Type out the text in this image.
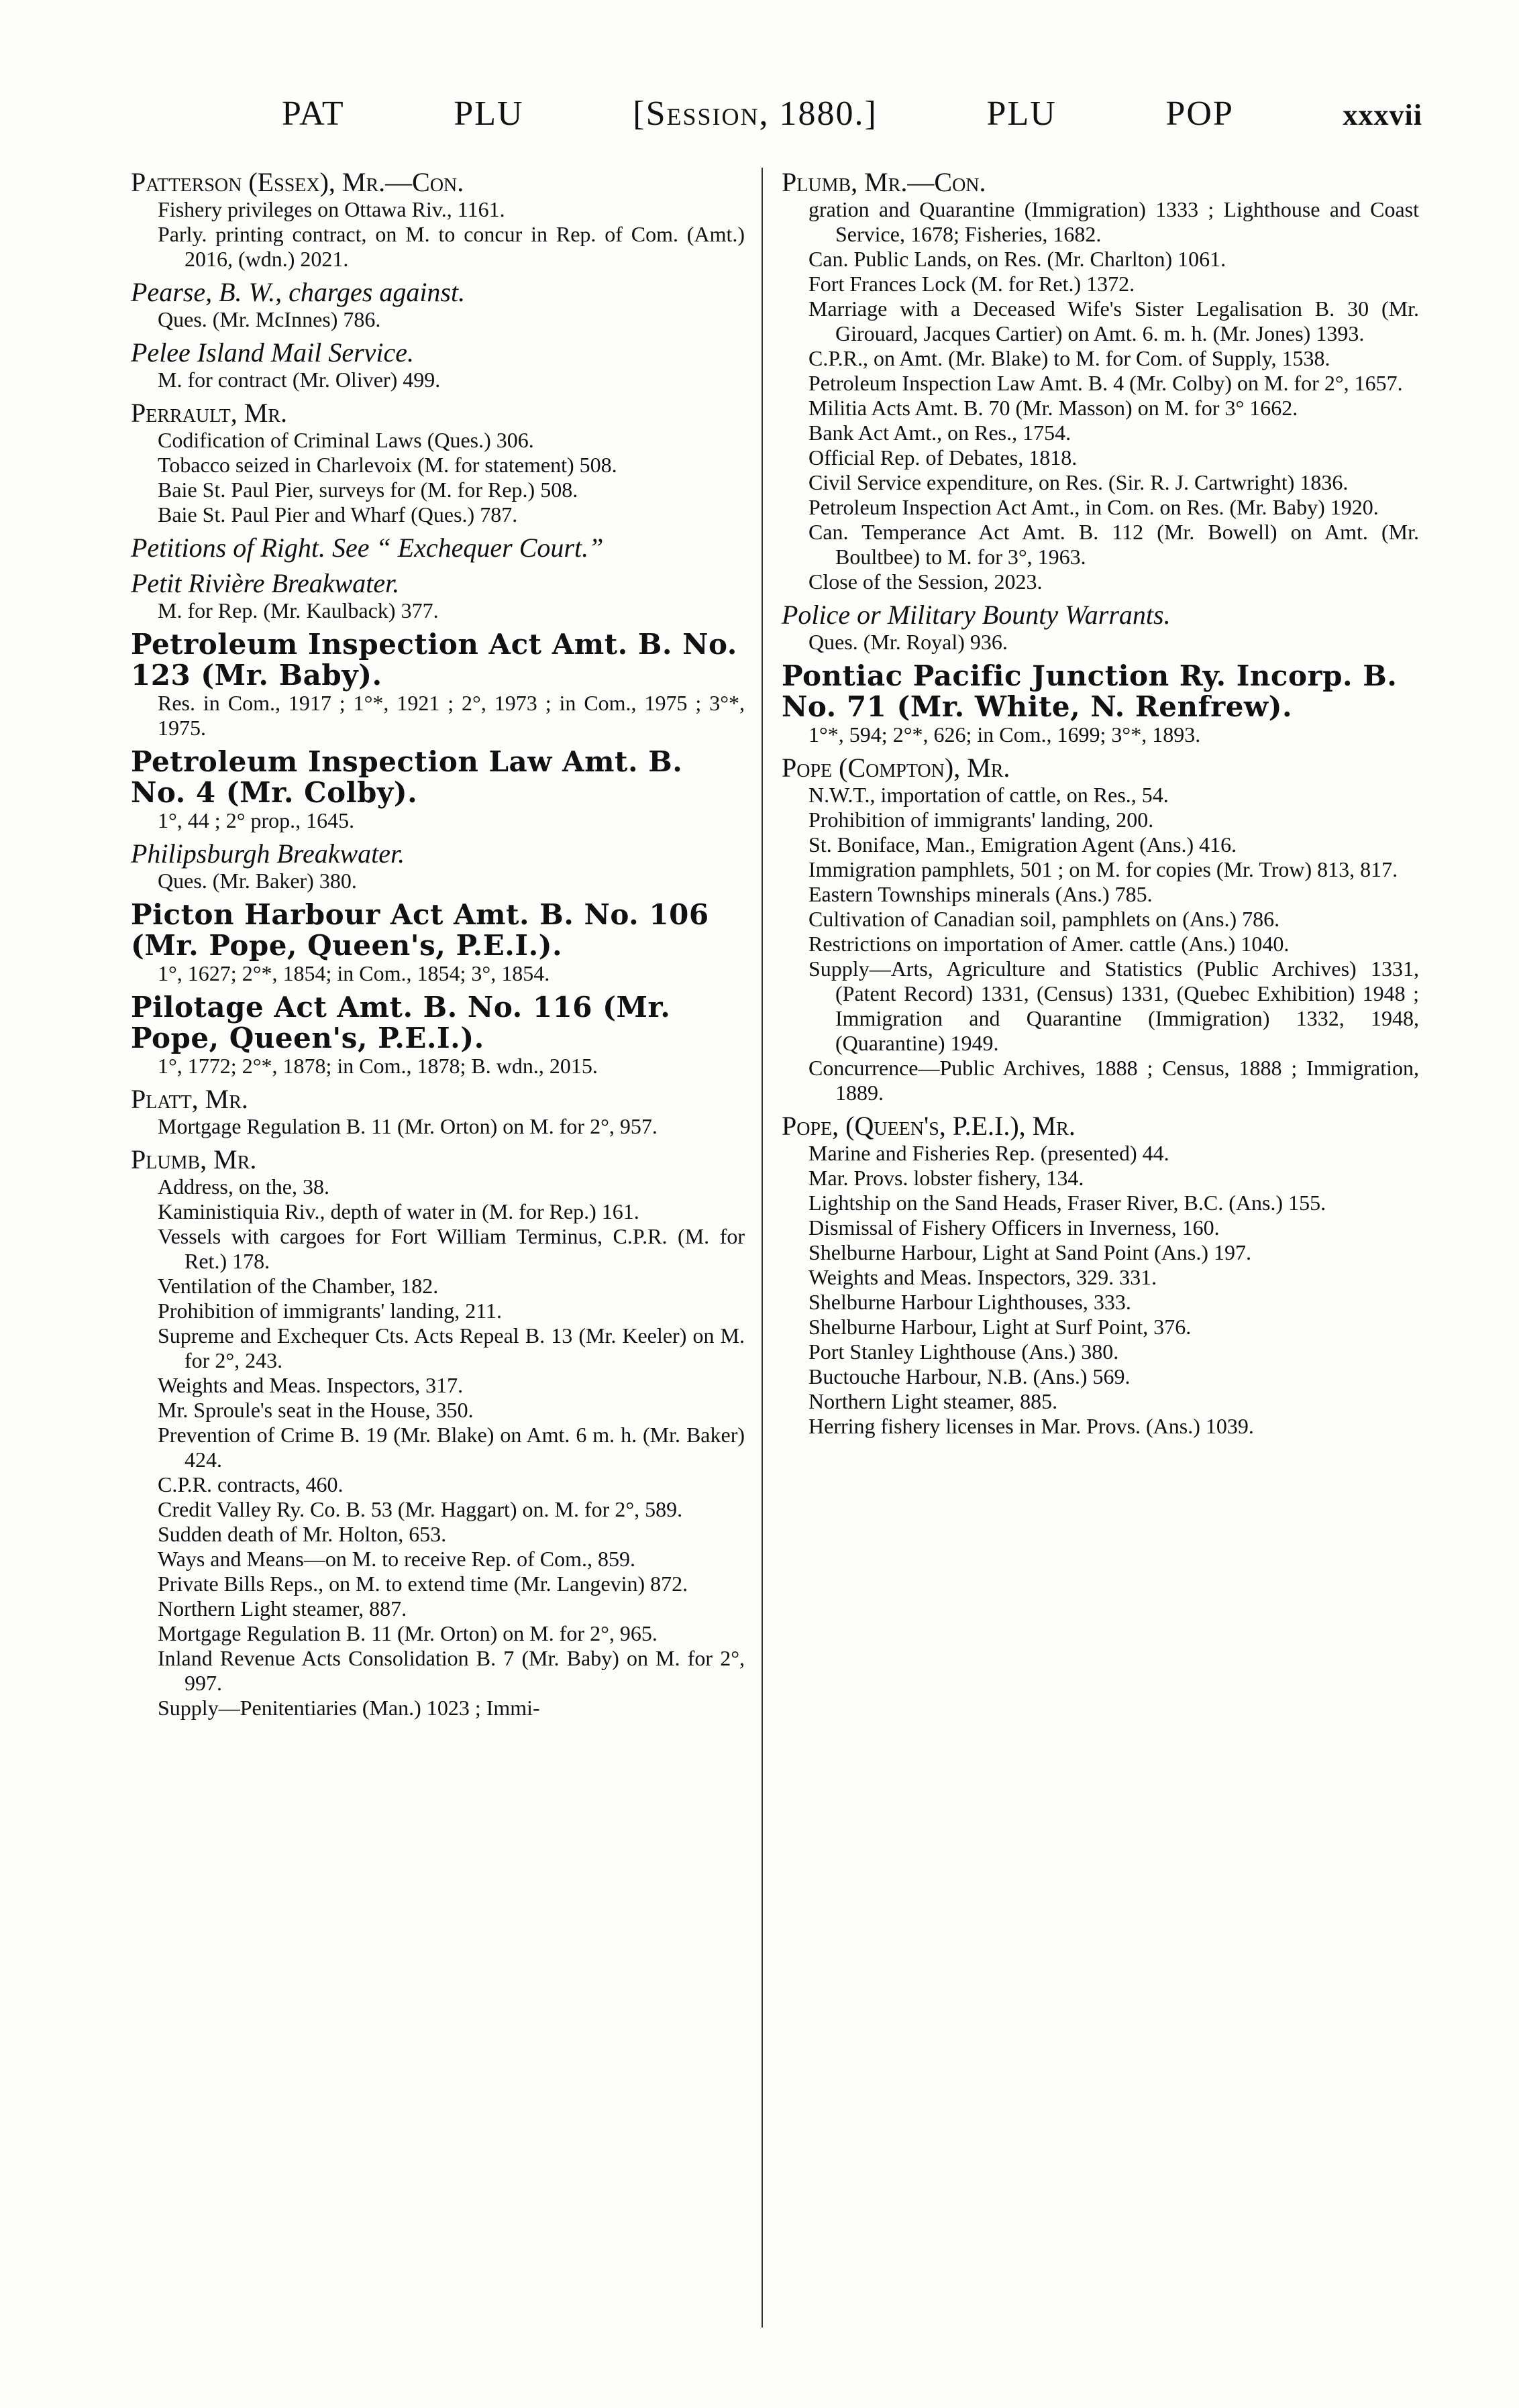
PAT	PLU	[Session, 1880.]	PLU	POP	xxxvii
Patterson (Essex), Mr.—Con.

Fishery privileges on Ottawa Riv., 1161.

Parly. printing contract, on M. to concur in Rep. of Com. (Amt.) 2016, (wdn.) 2021.

Pearse, B. W., charges against.

Ques. (Mr. McInnes) 786.

Pelee Island Mail Service.

M. for contract (Mr. Oliver) 499.

Perrault, Mr.

Codification of Criminal Laws (Ques.) 306.

Tobacco seized in Charlevoix (M. for statement) 508.

Baie St. Paul Pier, surveys for (M. for Rep.) 508.

Baie St. Paul Pier and Wharf (Ques.) 787.

Petitions of Right. See “ Exchequer Court.”
Petit Rivière Breakwater.

M. for Rep. (Mr. Kaulback) 377.

Petroleum Inspection Act Amt. B. No. 123 (Mr. Baby).

Res. in Com., 1917 ; 1°*, 1921 ; 2°, 1973 ; in Com., 1975 ; 3°*, 1975.

Petroleum Inspection Law Amt. B. No. 4 (Mr. Colby).

1°, 44 ; 2° prop., 1645.

Philipsburgh Breakwater.

Ques. (Mr. Baker) 380.

Picton Harbour Act Amt. B. No. 106 (Mr. Pope, Queen's, P.E.I.).

1°, 1627; 2°*, 1854; in Com., 1854; 3°, 1854.

Pilotage Act Amt. B. No. 116 (Mr. Pope, Queen's, P.E.I.).

1°, 1772; 2°*, 1878; in Com., 1878; B. wdn., 2015.

Platt, Mr.

Mortgage Regulation B. 11 (Mr. Orton) on M. for 2°, 957.

Plumb, Mr.

Address, on the, 38.

Kaministiquia Riv., depth of water in (M. for Rep.) 161.

Vessels with cargoes for Fort William Terminus, C.P.R. (M. for Ret.) 178.

Ventilation of the Chamber, 182.

Prohibition of immigrants' landing, 211.

Supreme and Exchequer Cts. Acts Repeal B. 13 (Mr. Keeler) on M. for 2°, 243.

Weights and Meas. Inspectors, 317.

Mr. Sproule's seat in the House, 350.

Prevention of Crime B. 19 (Mr. Blake) on Amt. 6 m. h. (Mr. Baker) 424.

C.P.R. contracts, 460.

Credit Valley Ry. Co. B. 53 (Mr. Haggart) on. M. for 2°, 589.

Sudden death of Mr. Holton, 653.

Ways and Means—on M. to receive Rep. of Com., 859.

Private Bills Reps., on M. to extend time (Mr. Langevin) 872.

Northern Light steamer, 887.

Mortgage Regulation B. 11 (Mr. Orton) on M. for 2°, 965.

Inland Revenue Acts Consolidation B. 7 (Mr. Baby) on M. for 2°, 997.

Supply—Penitentiaries (Man.) 1023 ; Immi-

Plumb, Mr.—Con.

gration and Quarantine (Immigration) 1333 ; Lighthouse and Coast Service, 1678; Fisheries, 1682.

Can. Public Lands, on Res. (Mr. Charlton) 1061.

Fort Frances Lock (M. for Ret.) 1372.

Marriage with a Deceased Wife's Sister Legalisation B. 30 (Mr. Girouard, Jacques Cartier) on Amt. 6. m. h. (Mr. Jones) 1393.

C.P.R., on Amt. (Mr. Blake) to M. for Com. of Supply, 1538.

Petroleum Inspection Law Amt. B. 4 (Mr. Colby) on M. for 2°, 1657.

Militia Acts Amt. B. 70 (Mr. Masson) on M. for 3° 1662.

Bank Act Amt., on Res., 1754.

Official Rep. of Debates, 1818.

Civil Service expenditure, on Res. (Sir. R. J. Cartwright) 1836.

Petroleum Inspection Act Amt., in Com. on Res. (Mr. Baby) 1920.

Can. Temperance Act Amt. B. 112 (Mr. Bowell) on Amt. (Mr. Boultbee) to M. for 3°, 1963.

Close of the Session, 2023.

Police or Military Bounty Warrants.

Ques. (Mr. Royal) 936.

Pontiac Pacific Junction Ry. Incorp. B. No. 71 (Mr. White, N. Renfrew).

1°*, 594; 2°*, 626; in Com., 1699; 3°*, 1893.

Pope (Compton), Mr.

N.W.T., importation of cattle, on Res., 54.

Prohibition of immigrants' landing, 200.

St. Boniface, Man., Emigration Agent (Ans.) 416.

Immigration pamphlets, 501 ; on M. for copies (Mr. Trow) 813, 817.

Eastern Townships minerals (Ans.) 785.

Cultivation of Canadian soil, pamphlets on (Ans.) 786.

Restrictions on importation of Amer. cattle (Ans.) 1040.

Supply—Arts, Agriculture and Statistics (Public Archives) 1331, (Patent Record) 1331, (Census) 1331, (Quebec Exhibition) 1948 ; Immigration and Quarantine (Immigration) 1332, 1948, (Quarantine) 1949.

Concurrence—Public Archives, 1888 ; Census, 1888 ; Immigration, 1889.

Pope, (Queen's, P.E.I.), Mr.

Marine and Fisheries Rep. (presented) 44.

Mar. Provs. lobster fishery, 134.

Lightship on the Sand Heads, Fraser River, B.C. (Ans.) 155.

Dismissal of Fishery Officers in Inverness, 160.

Shelburne Harbour, Light at Sand Point (Ans.) 197.

Weights and Meas. Inspectors, 329. 331.

Shelburne Harbour Lighthouses, 333.

Shelburne Harbour, Light at Surf Point, 376.

Port Stanley Lighthouse (Ans.) 380.

Buctouche Harbour, N.B. (Ans.) 569.

Northern Light steamer, 885.

Herring fishery licenses in Mar. Provs. (Ans.) 1039.
